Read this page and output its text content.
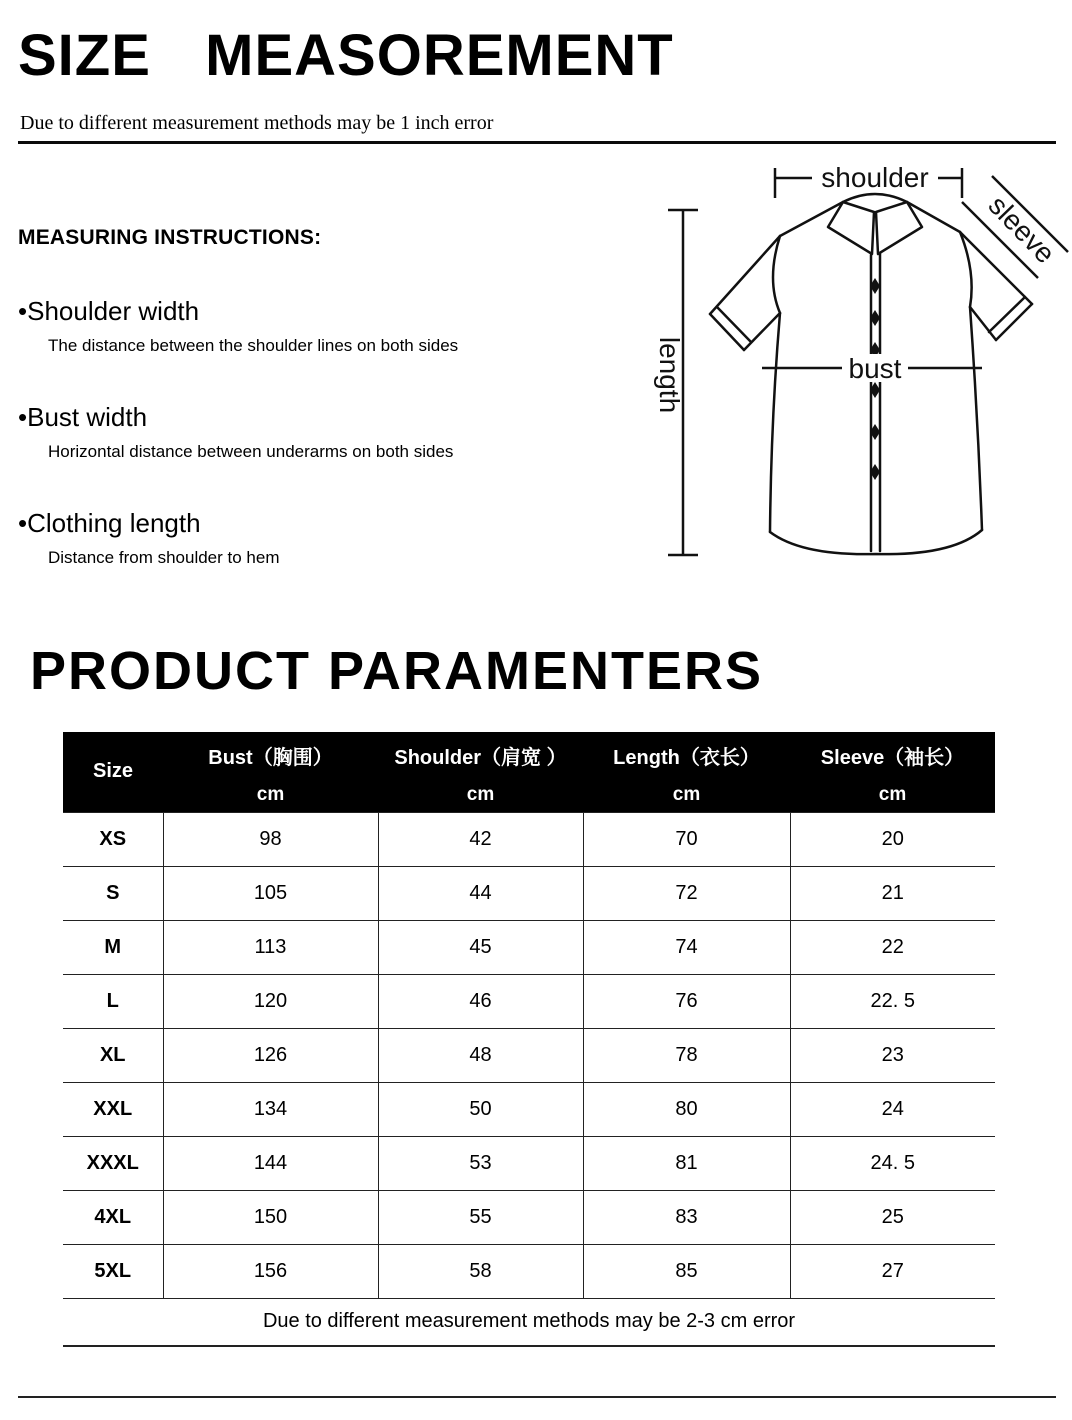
SIZE  MEASOREMENT

Due to different measurement methods may be 1 inch error

MEASURING INSTRUCTIONS:
•Shoulder width
The distance between the shoulder lines on both sides
•Bust width
Horizontal distance between underarms on both sides
•Clothing length
Distance from shoulder to hem
shoulder
sleeve
length	bust
PRODUCT PARAMENTERS
Size	Bust（胸围）	Shoulder（肩宽 ）	Length（衣长）	Sleeve（袖长）
	cm	cm	cm	cm
XS	98	42	70	20
S	105	44	72	21
M	113	45	74	22
L	120	46	76	22. 5
XL	126	48	78	23
XXL	134	50	80	24
XXXL	144	53	81	24. 5
4XL	150	55	83	25
5XL	156	58	85	27
Due to different measurement methods may be 2-3 cm error				
